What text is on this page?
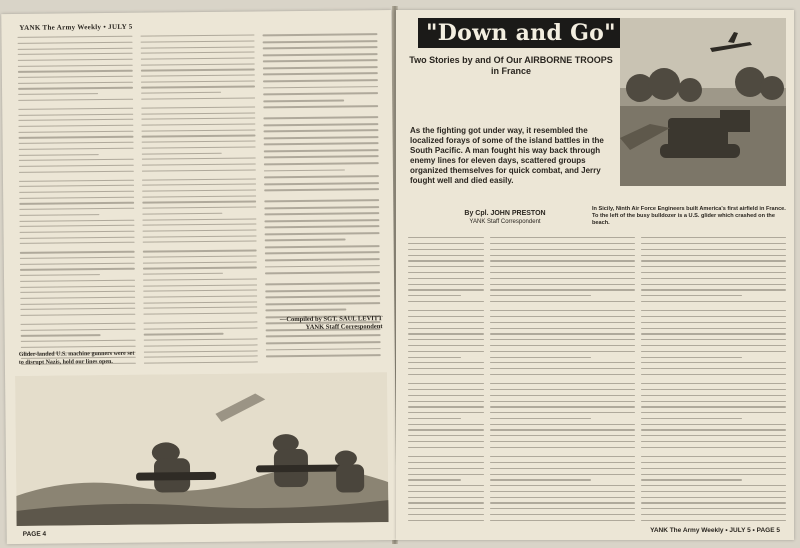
YANK The Army Weekly • JULY 5
—Compiled by SGT. SAUL LEVITT
YANK Staff Correspondent
Glider-landed U.S. machine gunners were set to disrupt Nazis, hold our lines open.
PAGE 4
"Down and Go"
Two Stories by and Of Our AIRBORNE TROOPS in France
As the fighting got under way, it resembled the localized forays of some of the island battles in the South Pacific. A man fought his way back through enemy lines for eleven days, scattered groups organized themselves for quick combat, and Jerry fought well and died easily.
By Cpl. JOHN PRESTON
YANK Staff Correspondent
In Sicily, Ninth Air Force Engineers built America's first airfield in France. To the left of the busy bulldozer is a U.S. glider which crashed on the beach.
YANK The Army Weekly • JULY 5 • PAGE 5
